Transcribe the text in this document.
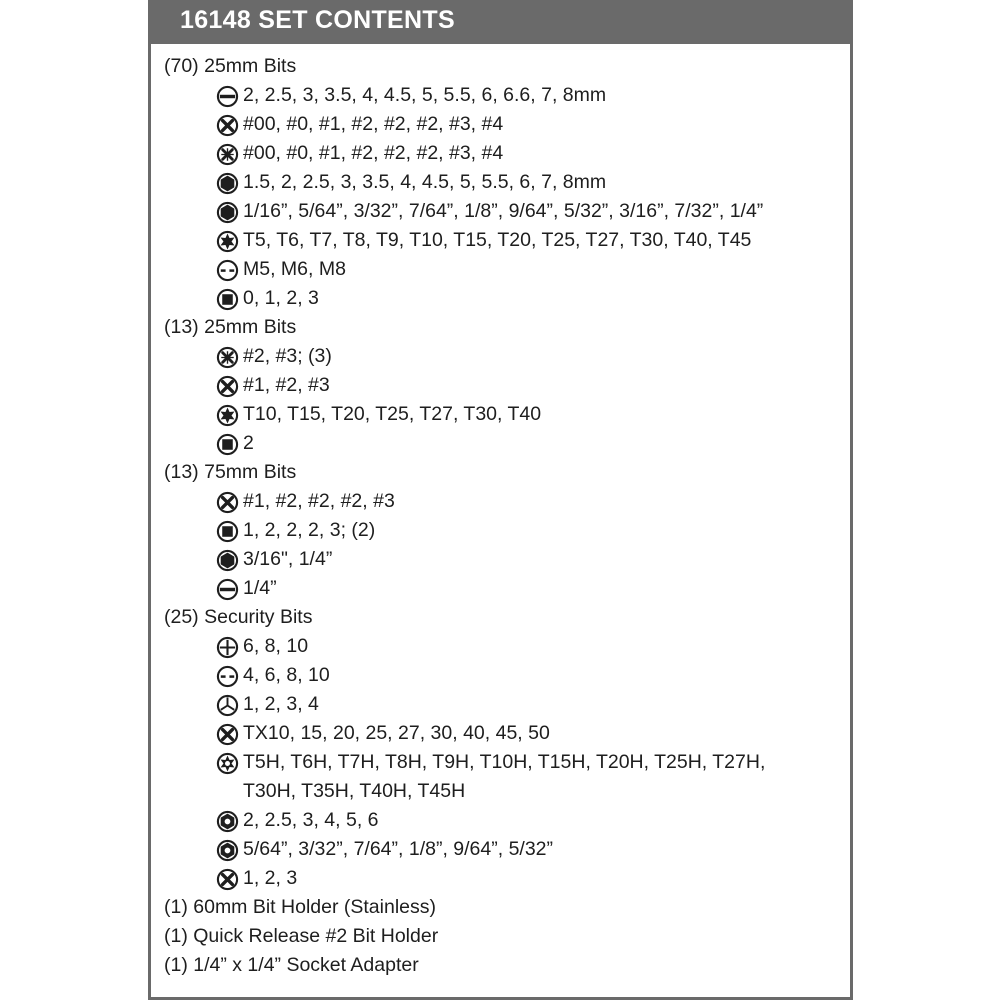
16148 SET CONTENTS
(70) 25mm Bits
2, 2.5, 3, 3.5, 4, 4.5, 5, 5.5, 6, 6.6, 7, 8mm
#00, #0, #1, #2, #2, #2, #3, #4
#00, #0, #1, #2, #2, #2, #3, #4
1.5, 2, 2.5, 3, 3.5, 4, 4.5, 5, 5.5, 6, 7, 8mm
1/16”, 5/64”, 3/32”, 7/64”, 1/8”, 9/64”, 5/32”, 3/16”, 7/32”, 1/4”
T5, T6, T7, T8, T9, T10, T15, T20, T25, T27, T30, T40, T45
M5, M6, M8
0, 1, 2, 3
(13) 25mm Bits
#2, #3; (3)
#1, #2, #3
T10, T15, T20, T25, T27, T30, T40
2
(13) 75mm Bits
#1, #2, #2, #2, #3
1, 2, 2, 2, 3; (2)
3/16", 1/4”
1/4”
(25) Security Bits
6, 8, 10
4, 6, 8, 10
1, 2, 3, 4
TX10, 15, 20, 25, 27, 30, 40, 45, 50
T5H, T6H, T7H, T8H, T9H, T10H, T15H, T20H, T25H, T27H,
T30H, T35H, T40H, T45H
2, 2.5, 3, 4, 5, 6
5/64”, 3/32”, 7/64”, 1/8”, 9/64”, 5/32”
1, 2, 3
(1) 60mm Bit Holder (Stainless)
(1) Quick Release #2 Bit Holder
(1) 1/4” x 1/4” Socket Adapter
